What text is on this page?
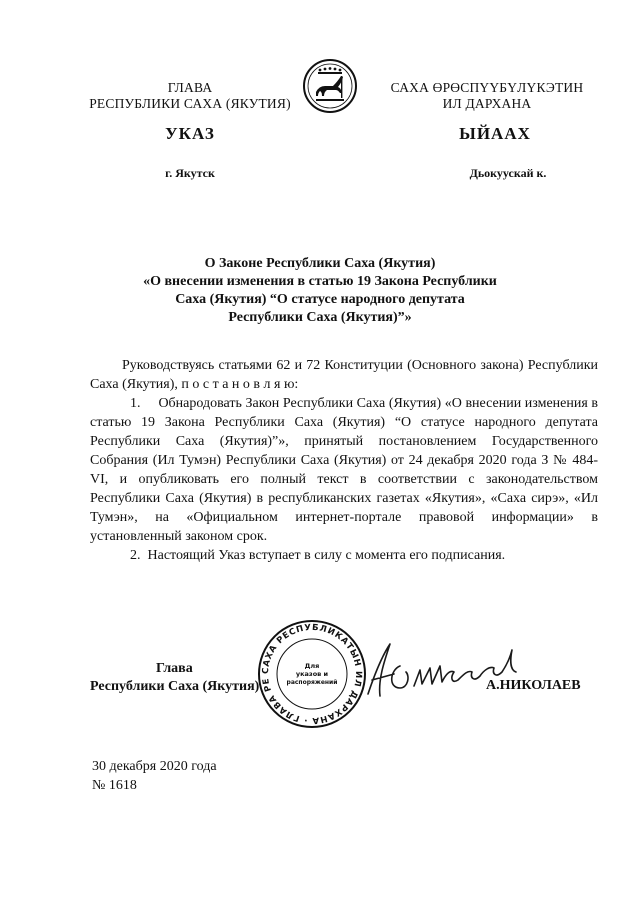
ГЛАВА
РЕСПУБЛИКИ САХА (ЯКУТИЯ)
САХА ӨРӨСПҮҮБҮЛҮКЭТИН
ИЛ ДАРХАНА
УКАЗ	ЫЙААХ
г. Якутск	Дьокуускай к.
О Законе Республики Саха (Якутия)
«О внесении изменения в статью 19 Закона Республики
Саха (Якутия) “О статусе народного депутата
Республики Саха (Якутия)”»
Руководствуясь статьями 62 и 72 Конституции (Основного закона) Республики Саха (Якутия), п о с т а н о в л я ю:
1. Обнародовать Закон Республики Саха (Якутия) «О внесении изменения в статью 19 Закона Республики Саха (Якутия) “О статусе народного депутата Республики Саха (Якутия)”», принятый постановлением Государственного Собрания (Ил Тумэн) Республики Саха (Якутия) от 24 декабря 2020 года З № 484-VI, и опубликовать его полный текст в соответствии с законодательством Республики Саха (Якутия) в республиканских газетах «Якутия», «Саха сирэ», «Ил Тумэн», на «Официальном интернет-портале правовой информации» в установленный законом срок.
2. Настоящий Указ вступает в силу с момента его подписания.
Глава
Республики Саха (Якутия)
САХА РЕСПУБЛИКАТЫН ИЛ ДАРХАНА · ГЛАВА РЕ
Для
указов и
распоряжений	А.НИКОЛАЕВ
30 декабря 2020 года
№ 1618
